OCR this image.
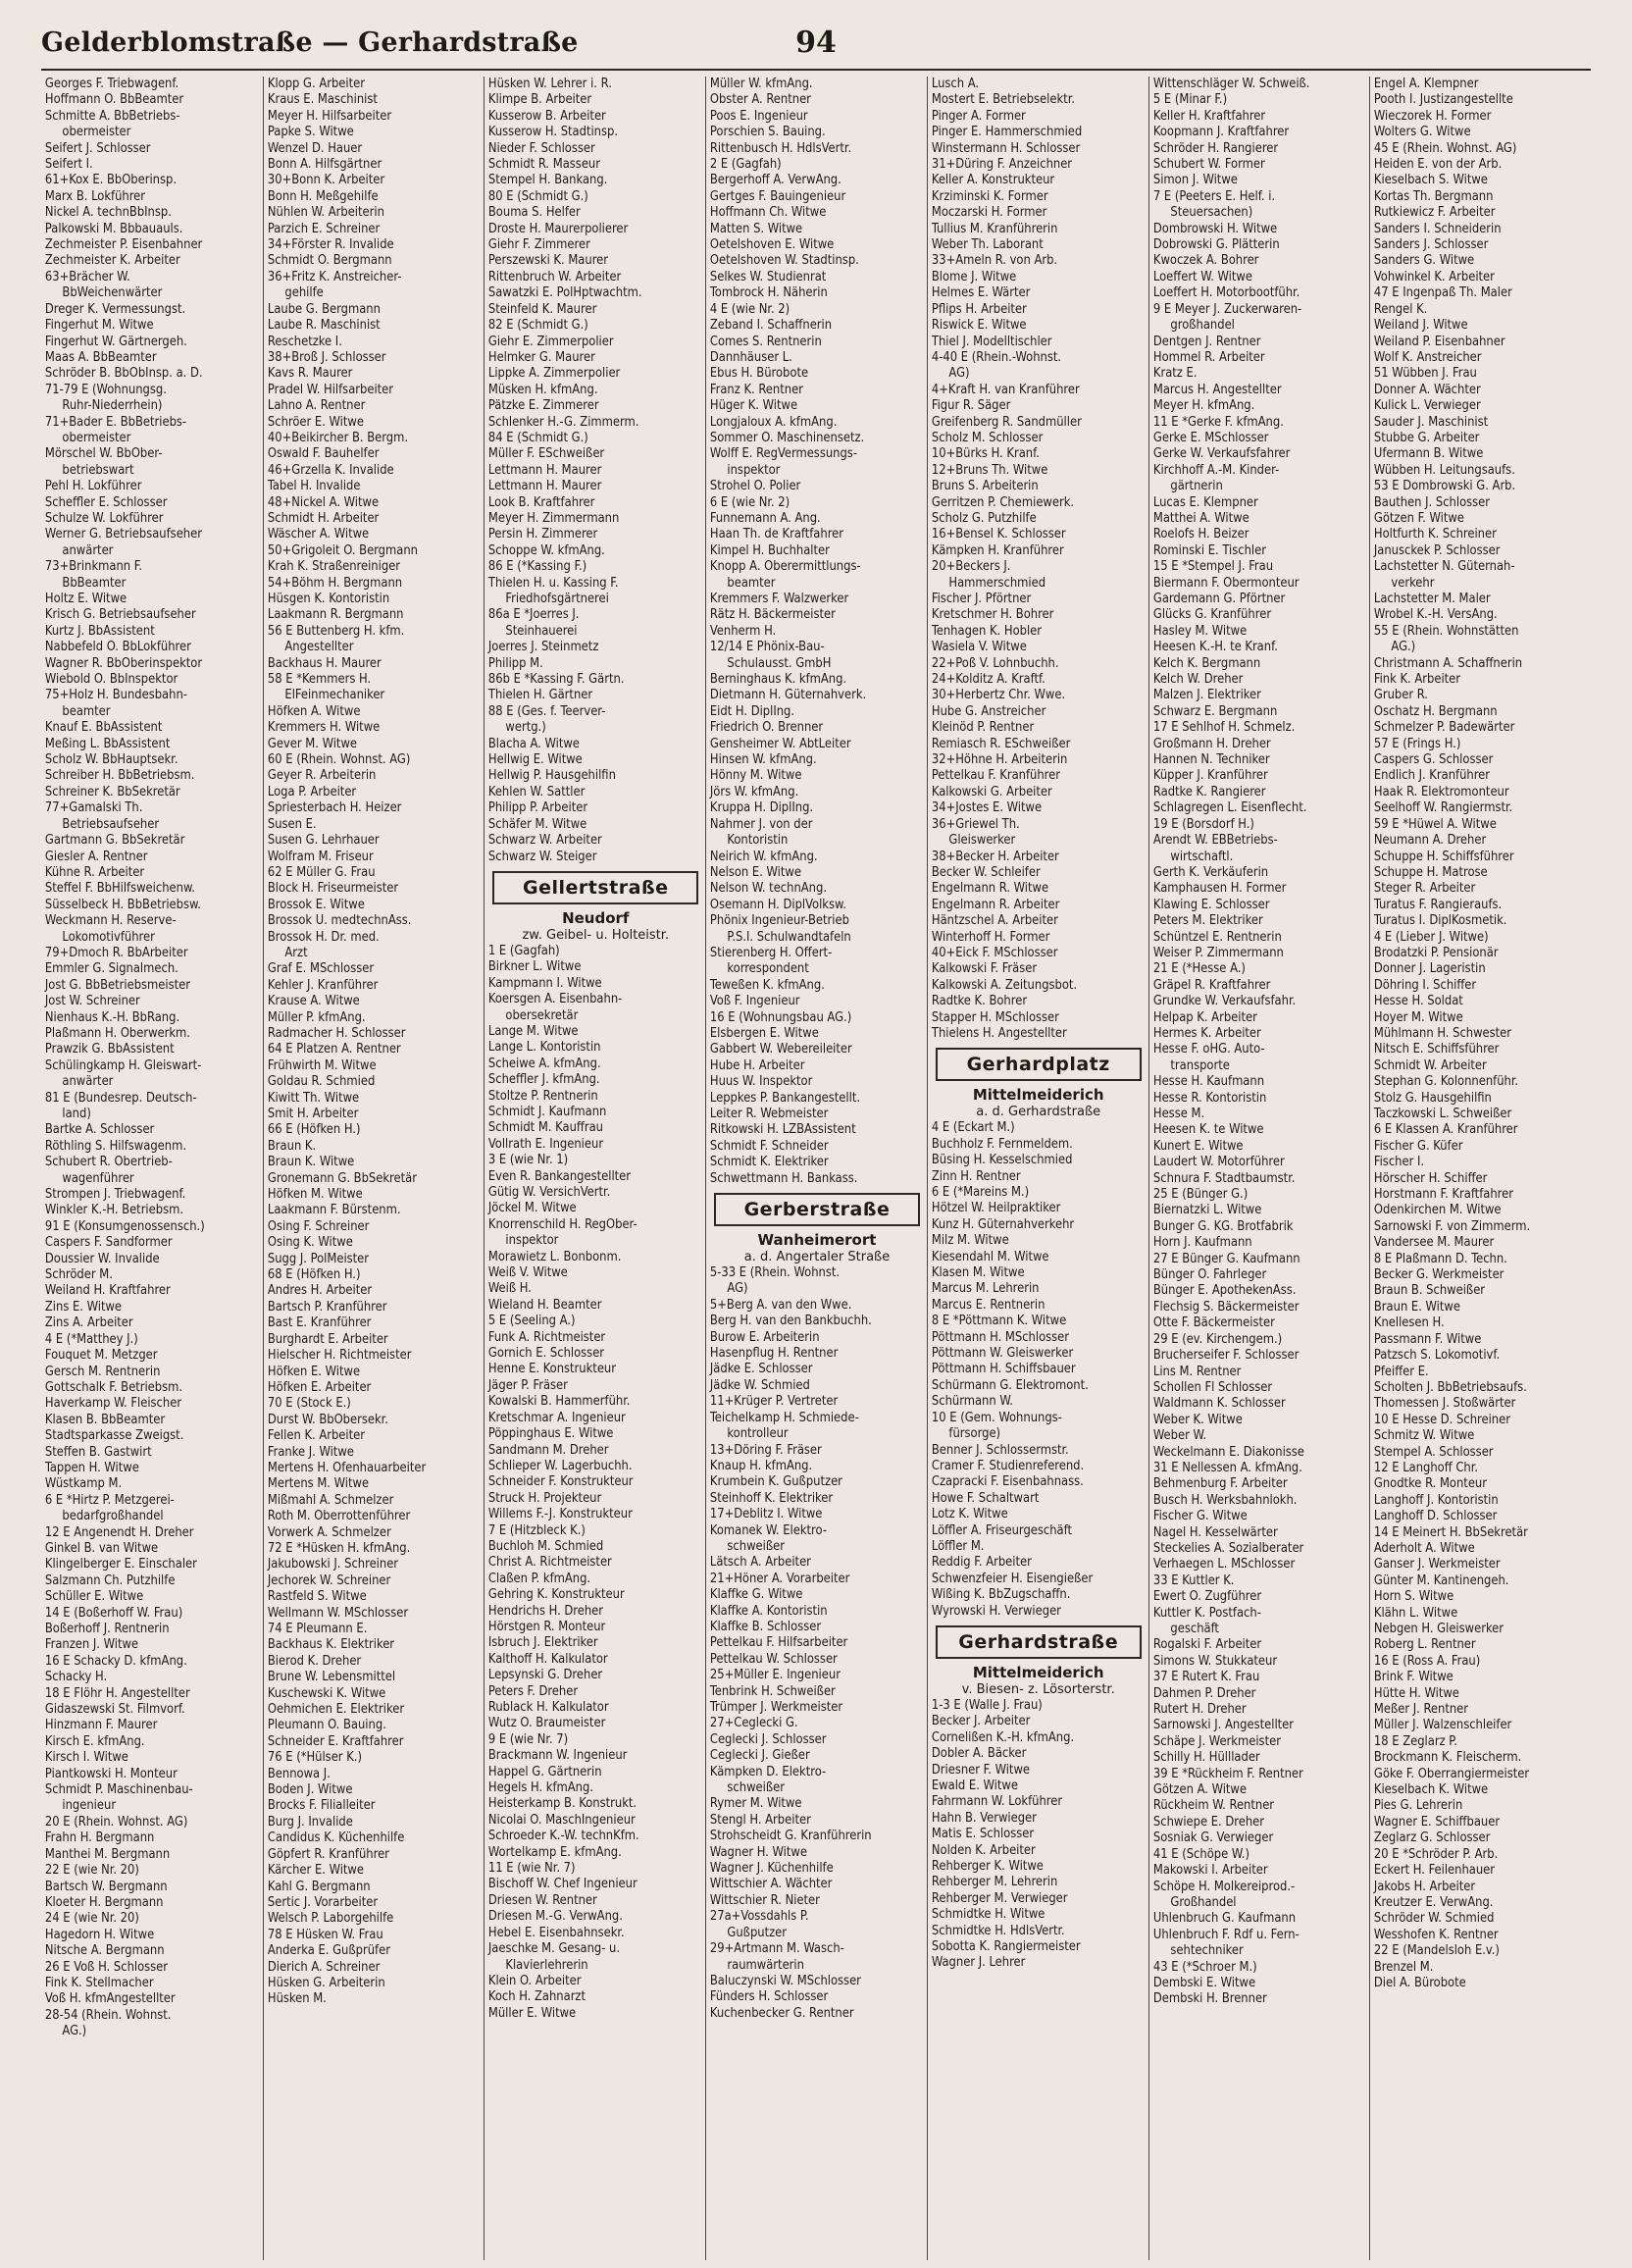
Gelderblomstraße — Gerhardstraße	94
Georges F. Triebwagenf.
Hoffmann O. BbBeamter
Schmitte A. BbBetriebs-
obermeister
Seifert J. Schlosser
Seifert I.
61+Kox E. BbOberinsp.
Marx B. Lokführer
Nickel A. technBbInsp.
Palkowski M. Bbbauauls.
Zechmeister P. Eisenbahner
Zechmeister K. Arbeiter
63+Brächer W.
BbWeichenwärter
Dreger K. Vermessungst.
Fingerhut M. Witwe
Fingerhut W. Gärtnergeh.
Maas A. BbBeamter
Schröder B. BbObInsp. a. D.
71-79 E (Wohnungsg.
Ruhr-Niederrhein)
71+Bader E. BbBetriebs-
obermeister
Mörschel W. BbOber-
betriebswart
Pehl H. Lokführer
Scheffler E. Schlosser
Schulze W. Lokführer
Werner G. Betriebsaufseher
anwärter
73+Brinkmann F.
BbBeamter
Holtz E. Witwe
Krisch G. Betriebsaufseher
Kurtz J. BbAssistent
Nabbefeld O. BbLokführer
Wagner R. BbOberinspektor
Wiebold O. BbInspektor
75+Holz H. Bundesbahn-
beamter
Knauf E. BbAssistent
Meßing L. BbAssistent
Scholz W. BbHauptsekr.
Schreiber H. BbBetriebsm.
Schreiner K. BbSekretär
77+Gamalski Th.
Betriebsaufseher
Gartmann G. BbSekretär
Giesler A. Rentner
Kühne R. Arbeiter
Steffel F. BbHilfsweichenw.
Süsselbeck H. BbBetriebsw.
Weckmann H. Reserve-
Lokomotivführer
79+Dmoch R. BbArbeiter
Emmler G. Signalmech.
Jost G. BbBetriebsmeister
Jost W. Schreiner
Nienhaus K.-H. BbRang.
Plaßmann H. Oberwerkm.
Prawzik G. BbAssistent
Schülingkamp H. Gleiswart-
anwärter
81 E (Bundesrep. Deutsch-
land)
Bartke A. Schlosser
Röthling S. Hilfswagenm.
Schubert R. Obertrieb-
wagenführer
Strompen J. Triebwagenf.
Winkler K.-H. Betriebsm.
91 E (Konsumgenossensch.)
Caspers F. Sandformer
Doussier W. Invalide
Schröder M.
Weiland H. Kraftfahrer
Zins E. Witwe
Zins A. Arbeiter
4 E (*Matthey J.)
Fouquet M. Metzger
Gersch M. Rentnerin
Gottschalk F. Betriebsm.
Haverkamp W. Fleischer
Klasen B. BbBeamter
Stadtsparkasse Zweigst.
Steffen B. Gastwirt
Tappen H. Witwe
Wüstkamp M.
6 E *Hirtz P. Metzgerei-
bedarfgroßhandel
12 E Angenendt H. Dreher
Ginkel B. van Witwe
Klingelberger E. Einschaler
Salzmann Ch. Putzhilfe
Schüller E. Witwe
14 E (Boßerhoff W. Frau)
Boßerhoff J. Rentnerin
Franzen J. Witwe
16 E Schacky D. kfmAng.
Schacky H.
18 E Flöhr H. Angestellter
Gidaszewski St. Filmvorf.
Hinzmann F. Maurer
Kirsch E. kfmAng.
Kirsch I. Witwe
Piantkowski H. Monteur
Schmidt P. Maschinenbau-
ingenieur
20 E (Rhein. Wohnst. AG)
Frahn H. Bergmann
Manthei M. Bergmann
22 E (wie Nr. 20)
Bartsch W. Bergmann
Kloeter H. Bergmann
24 E (wie Nr. 20)
Hagedorn H. Witwe
Nitsche A. Bergmann
26 E Voß H. Schlosser
Fink K. Stellmacher
Voß H. kfmAngestellter
28-54 (Rhein. Wohnst.
AG.)
Klopp G. Arbeiter
Kraus E. Maschinist
Meyer H. Hilfsarbeiter
Papke S. Witwe
Wenzel D. Hauer
Bonn A. Hilfsgärtner
30+Bonn K. Arbeiter
Bonn H. Meßgehilfe
Nühlen W. Arbeiterin
Parzich E. Schreiner
34+Förster R. Invalide
Schmidt O. Bergmann
36+Fritz K. Anstreicher-
gehilfe
Laube G. Bergmann
Laube R. Maschinist
Reschetzke I.
38+Broß J. Schlosser
Kavs R. Maurer
Pradel W. Hilfsarbeiter
Lahno A. Rentner
Schröer E. Witwe
40+Beikircher B. Bergm.
Oswald F. Bauhelfer
46+Grzella K. Invalide
Tabel H. Invalide
48+Nickel A. Witwe
Schmidt H. Arbeiter
Wäscher A. Witwe
50+Grigoleit O. Bergmann
Krah K. Straßenreiniger
54+Böhm H. Bergmann
Hüsgen K. Kontoristin
Laakmann R. Bergmann
56 E Buttenberg H. kfm.
Angestellter
Backhaus H. Maurer
58 E *Kemmers H.
ElFeinmechaniker
Höfken A. Witwe
Kremmers H. Witwe
Gever M. Witwe
60 E (Rhein. Wohnst. AG)
Geyer R. Arbeiterin
Loga P. Arbeiter
Spriesterbach H. Heizer
Susen E.
Susen G. Lehrhauer
Wolfram M. Friseur
62 E Müller G. Frau
Block H. Friseurmeister
Brossok E. Witwe
Brossok U. medtechnAss.
Brossok H. Dr. med.
Arzt
Graf E. MSchlosser
Kehler J. Kranführer
Krause A. Witwe
Müller P. kfmAng.
Radmacher H. Schlosser
64 E Platzen A. Rentner
Frühwirth M. Witwe
Goldau R. Schmied
Kiwitt Th. Witwe
Smit H. Arbeiter
66 E (Höfken H.)
Braun K.
Braun K. Witwe
Gronemann G. BbSekretär
Höfken M. Witwe
Laakmann F. Bürstenm.
Osing F. Schreiner
Osing K. Witwe
Sugg J. PolMeister
68 E (Höfken H.)
Andres H. Arbeiter
Bartsch P. Kranführer
Bast E. Kranführer
Burghardt E. Arbeiter
Hielscher H. Richtmeister
Höfken E. Witwe
Höfken E. Arbeiter
70 E (Stock E.)
Durst W. BbObersekr.
Fellen K. Arbeiter
Franke J. Witwe
Mertens H. Ofenhauarbeiter
Mertens M. Witwe
Mißmahl A. Schmelzer
Roth M. Oberrottenführer
Vorwerk A. Schmelzer
72 E *Hüsken H. kfmAng.
Jakubowski J. Schreiner
Jechorek W. Schreiner
Rastfeld S. Witwe
Wellmann W. MSchlosser
74 E Pleumann E.
Backhaus K. Elektriker
Bierod K. Dreher
Brune W. Lebensmittel
Kuschewski K. Witwe
Oehmichen E. Elektriker
Pleumann O. Bauing.
Schneider E. Kraftfahrer
76 E (*Hülser K.)
Bennowa J.
Boden J. Witwe
Brocks F. Filialleiter
Burg J. Invalide
Candidus K. Küchenhilfe
Göpfert R. Kranführer
Kärcher E. Witwe
Kahl G. Bergmann
Sertic J. Vorarbeiter
Welsch P. Laborgehilfe
78 E Hüsken W. Frau
Anderka E. Gußprüfer
Dierich A. Schreiner
Hüsken G. Arbeiterin
Hüsken M.
Hüsken W. Lehrer i. R.
Klimpe B. Arbeiter
Kusserow B. Arbeiter
Kusserow H. Stadtinsp.
Nieder F. Schlosser
Schmidt R. Masseur
Stempel H. Bankang.
80 E (Schmidt G.)
Bouma S. Helfer
Droste H. Maurerpolierer
Giehr F. Zimmerer
Perszewski K. Maurer
Rittenbruch W. Arbeiter
Sawatzki E. PolHptwachtm.
Steinfeld K. Maurer
82 E (Schmidt G.)
Giehr E. Zimmerpolier
Helmker G. Maurer
Lippke A. Zimmerpolier
Müsken H. kfmAng.
Pätzke E. Zimmerer
Schlenker H.-G. Zimmerm.
84 E (Schmidt G.)
Müller F. ESchweißer
Lettmann H. Maurer
Lettmann H. Maurer
Look B. Kraftfahrer
Meyer H. Zimmermann
Persin H. Zimmerer
Schoppe W. kfmAng.
86 E (*Kassing F.)
Thielen H. u. Kassing F.
Friedhofsgärtnerei
86a E *Joerres J.
Steinhauerei
Joerres J. Steinmetz
Philipp M.
86b E *Kassing F. Gärtn.
Thielen H. Gärtner
88 E (Ges. f. Teerver-
wertg.)
Blacha A. Witwe
Hellwig E. Witwe
Hellwig P. Hausgehilfin
Kehlen W. Sattler
Philipp P. Arbeiter
Schäfer M. Witwe
Schwarz W. Arbeiter
Schwarz W. Steiger
Gellertstraße
Neudorf
zw. Geibel- u. Holteistr.
1 E (Gagfah)
Birkner L. Witwe
Kampmann I. Witwe
Koersgen A. Eisenbahn-
obersekretär
Lange M. Witwe
Lange L. Kontoristin
Scheiwe A. kfmAng.
Scheffler J. kfmAng.
Stoltze P. Rentnerin
Schmidt J. Kaufmann
Schmidt M. Kauffrau
Vollrath E. Ingenieur
3 E (wie Nr. 1)
Even R. Bankangestellter
Gütig W. VersichVertr.
Jöckel M. Witwe
Knorrenschild H. RegOber-
inspektor
Morawietz L. Bonbonm.
Weiß V. Witwe
Weiß H.
Wieland H. Beamter
5 E (Seeling A.)
Funk A. Richtmeister
Gornich E. Schlosser
Henne E. Konstrukteur
Jäger P. Fräser
Kowalski B. Hammerführ.
Kretschmar A. Ingenieur
Pöppinghaus E. Witwe
Sandmann M. Dreher
Schlieper W. Lagerbuchh.
Schneider F. Konstrukteur
Struck H. Projekteur
Willems F.-J. Konstrukteur
7 E (Hitzbleck K.)
Buchloh M. Schmied
Christ A. Richtmeister
Claßen P. kfmAng.
Gehring K. Konstrukteur
Hendrichs H. Dreher
Hörstgen R. Monteur
Isbruch J. Elektriker
Kalthoff H. Kalkulator
Lepsynski G. Dreher
Peters F. Dreher
Rublack H. Kalkulator
Wutz O. Braumeister
9 E (wie Nr. 7)
Brackmann W. Ingenieur
Happel G. Gärtnerin
Hegels H. kfmAng.
Heisterkamp B. Konstrukt.
Nicolai O. MaschIngenieur
Schroeder K.-W. technKfm.
Wortelkamp E. kfmAng.
11 E (wie Nr. 7)
Bischoff W. Chef Ingenieur
Driesen W. Rentner
Driesen M.-G. VerwAng.
Hebel E. Eisenbahnsekr.
Jaeschke M. Gesang- u.
Klavierlehrerin
Klein O. Arbeiter
Koch H. Zahnarzt
Müller E. Witwe
Müller W. kfmAng.
Obster A. Rentner
Poos E. Ingenieur
Porschien S. Bauing.
Rittenbusch H. HdlsVertr.
2 E (Gagfah)
Bergerhoff A. VerwAng.
Gertges F. Bauingenieur
Hoffmann Ch. Witwe
Matten S. Witwe
Oetelshoven E. Witwe
Oetelshoven W. Stadtinsp.
Selkes W. Studienrat
Tombrock H. Näherin
4 E (wie Nr. 2)
Zeband I. Schaffnerin
Comes S. Rentnerin
Dannhäuser L.
Ebus H. Bürobote
Franz K. Rentner
Hüger K. Witwe
Longjaloux A. kfmAng.
Sommer O. Maschinensetz.
Wolff E. RegVermessungs-
inspektor
Strohel O. Polier
6 E (wie Nr. 2)
Funnemann A. Ang.
Haan Th. de Kraftfahrer
Kimpel H. Buchhalter
Knopp A. Oberermittlungs-
beamter
Kremmers F. Walzwerker
Rätz H. Bäckermeister
Venherm H.
12/14 E Phönix-Bau-
Schulausst. GmbH
Berninghaus K. kfmAng.
Dietmann H. Güternahverk.
Eidt H. DiplIng.
Friedrich O. Brenner
Gensheimer W. AbtLeiter
Hinsen W. kfmAng.
Hönny M. Witwe
Jörs W. kfmAng.
Kruppa H. DiplIng.
Nahmer J. von der
Kontoristin
Neirich W. kfmAng.
Nelson E. Witwe
Nelson W. technAng.
Osemann H. DiplVolksw.
Phönix Ingenieur-Betrieb
P.S.I. Schulwandtafeln
Stierenberg H. Offert-
korrespondent
Teweßen K. kfmAng.
Voß F. Ingenieur
16 E (Wohnungsbau AG.)
Elsbergen E. Witwe
Gabbert W. Webereileiter
Hube H. Arbeiter
Huus W. Inspektor
Leppkes P. Bankangestellt.
Leiter R. Webmeister
Ritkowski H. LZBAssistent
Schmidt F. Schneider
Schmidt K. Elektriker
Schwettmann H. Bankass.
Gerberstraße
Wanheimerort
a. d. Angertaler Straße
5-33 E (Rhein. Wohnst.
AG)
5+Berg A. van den Wwe.
Berg H. van den Bankbuchh.
Burow E. Arbeiterin
Hasenpflug H. Rentner
Jädke E. Schlosser
Jädke W. Schmied
11+Krüger P. Vertreter
Teichelkamp H. Schmiede-
kontrolleur
13+Döring F. Fräser
Knaup H. kfmAng.
Krumbein K. Gußputzer
Steinhoff K. Elektriker
17+Deblitz I. Witwe
Komanek W. Elektro-
schweißer
Lätsch A. Arbeiter
21+Höner A. Vorarbeiter
Klaffke G. Witwe
Klaffke A. Kontoristin
Klaffke B. Schlosser
Pettelkau F. Hilfsarbeiter
Pettelkau W. Schlosser
25+Müller E. Ingenieur
Tenbrink H. Schweißer
Trümper J. Werkmeister
27+Ceglecki G.
Ceglecki J. Schlosser
Ceglecki J. Gießer
Kämpken D. Elektro-
schweißer
Rymer M. Witwe
Stengl H. Arbeiter
Strohscheidt G. Kranführerin
Wagner H. Witwe
Wagner J. Küchenhilfe
Wittschier A. Wächter
Wittschier R. Nieter
27a+Vossdahls P.
Gußputzer
29+Artmann M. Wasch-
raumwärterin
Baluczynski W. MSchlosser
Fünders H. Schlosser
Kuchenbecker G. Rentner
Lusch A.
Mostert E. Betriebselektr.
Pinger A. Former
Pinger E. Hammerschmied
Winstermann H. Schlosser
31+Düring F. Anzeichner
Keller A. Konstrukteur
Krziminski K. Former
Moczarski H. Former
Tullius M. Kranführerin
Weber Th. Laborant
33+Ameln R. von Arb.
Blome J. Witwe
Helmes E. Wärter
Pflips H. Arbeiter
Riswick E. Witwe
Thiel J. Modelltischler
4-40 E (Rhein.-Wohnst.
AG)
4+Kraft H. van Kranführer
Figur R. Säger
Greifenberg R. Sandmüller
Scholz M. Schlosser
10+Bürks H. Kranf.
12+Bruns Th. Witwe
Bruns S. Arbeiterin
Gerritzen P. Chemiewerk.
Scholz G. Putzhilfe
16+Bensel K. Schlosser
Kämpken H. Kranführer
20+Beckers J.
Hammerschmied
Fischer J. Pförtner
Kretschmer H. Bohrer
Tenhagen K. Hobler
Wasiela V. Witwe
22+Poß V. Lohnbuchh.
24+Kolditz A. Kraftf.
30+Herbertz Chr. Wwe.
Hube G. Anstreicher
Kleinöd P. Rentner
Remiasch R. ESchweißer
32+Höhne H. Arbeiterin
Pettelkau F. Kranführer
Kalkowski G. Arbeiter
34+Jostes E. Witwe
36+Griewel Th.
Gleiswerker
38+Becker H. Arbeiter
Becker W. Schleifer
Engelmann R. Witwe
Engelmann R. Arbeiter
Häntzschel A. Arbeiter
Winterhoff H. Former
40+Eick F. MSchlosser
Kalkowski F. Fräser
Kalkowski A. Zeitungsbot.
Radtke K. Bohrer
Stapper H. MSchlosser
Thielens H. Angestellter
Gerhardplatz
Mittelmeiderich
a. d. Gerhardstraße
4 E (Eckart M.)
Buchholz F. Fernmeldem.
Büsing H. Kesselschmied
Zinn H. Rentner
6 E (*Mareins M.)
Hötzel W. Heilpraktiker
Kunz H. Güternahverkehr
Milz M. Witwe
Kiesendahl M. Witwe
Klasen M. Witwe
Marcus M. Lehrerin
Marcus E. Rentnerin
8 E *Pöttmann K. Witwe
Pöttmann H. MSchlosser
Pöttmann W. Gleiswerker
Pöttmann H. Schiffsbauer
Schürmann G. Elektromont.
Schürmann W.
10 E (Gem. Wohnungs-
fürsorge)
Benner J. Schlossermstr.
Cramer F. Studienreferend.
Czapracki F. Eisenbahnass.
Howe F. Schaltwart
Lotz K. Witwe
Löffler A. Friseurgeschäft
Löffler M.
Reddig F. Arbeiter
Schwenzfeier H. Eisengießer
Wißing K. BbZugschaffn.
Wyrowski H. Verwieger
Gerhardstraße
Mittelmeiderich
v. Biesen- z. Lösorterstr.
1-3 E (Walle J. Frau)
Becker J. Arbeiter
Cornelißen K.-H. kfmAng.
Dobler A. Bäcker
Driesner F. Witwe
Ewald E. Witwe
Fahrmann W. Lokführer
Hahn B. Verwieger
Matis E. Schlosser
Nolden K. Arbeiter
Rehberger K. Witwe
Rehberger M. Lehrerin
Rehberger M. Verwieger
Schmidtke H. Witwe
Schmidtke H. HdlsVertr.
Sobotta K. Rangiermeister
Wagner J. Lehrer
Wittenschläger W. Schweiß.
5 E (Minar F.)
Keller H. Kraftfahrer
Koopmann J. Kraftfahrer
Schröder H. Rangierer
Schubert W. Former
Simon J. Witwe
7 E (Peeters E. Helf. i.
Steuersachen)
Dombrowski H. Witwe
Dobrowski G. Plätterin
Kwoczek A. Bohrer
Loeffert W. Witwe
Loeffert H. Motorbootführ.
9 E Meyer J. Zuckerwaren-
großhandel
Dentgen J. Rentner
Hommel R. Arbeiter
Kratz E.
Marcus H. Angestellter
Meyer H. kfmAng.
11 E *Gerke F. kfmAng.
Gerke E. MSchlosser
Gerke W. Verkaufsfahrer
Kirchhoff A.-M. Kinder-
gärtnerin
Lucas E. Klempner
Matthei A. Witwe
Roelofs H. Beizer
Rominski E. Tischler
15 E *Stempel J. Frau
Biermann F. Obermonteur
Gardemann G. Pförtner
Glücks G. Kranführer
Hasley M. Witwe
Heesen K.-H. te Kranf.
Kelch K. Bergmann
Kelch W. Dreher
Malzen J. Elektriker
Schwarz E. Bergmann
17 E Sehlhof H. Schmelz.
Großmann H. Dreher
Hannen N. Techniker
Küpper J. Kranführer
Radtke K. Rangierer
Schlagregen L. Eisenflecht.
19 E (Borsdorf H.)
Arendt W. EBBetriebs-
wirtschaftl.
Gerth K. Verkäuferin
Kamphausen H. Former
Klawing E. Schlosser
Peters M. Elektriker
Schüntzel E. Rentnerin
Weiser P. Zimmermann
21 E (*Hesse A.)
Gräpel R. Kraftfahrer
Grundke W. Verkaufsfahr.
Helpap K. Arbeiter
Hermes K. Arbeiter
Hesse F. oHG. Auto-
transporte
Hesse H. Kaufmann
Hesse R. Kontoristin
Hesse M.
Heesen K. te Witwe
Kunert E. Witwe
Laudert W. Motorführer
Schnura F. Stadtbaumstr.
25 E (Bünger G.)
Biernatzki L. Witwe
Bunger G. KG. Brotfabrik
Horn J. Kaufmann
27 E Bünger G. Kaufmann
Bünger O. Fahrleger
Bünger E. ApothekenAss.
Flechsig S. Bäckermeister
Otte F. Bäckermeister
29 E (ev. Kirchengem.)
Brucherseifer F. Schlosser
Lins M. Rentner
Schollen Fl Schlosser
Waldmann K. Schlosser
Weber K. Witwe
Weber W.
Weckelmann E. Diakonisse
31 E Nellessen A. kfmAng.
Behmenburg F. Arbeiter
Busch H. Werksbahnlokh.
Fischer G. Witwe
Nagel H. Kesselwärter
Steckelies A. Sozialberater
Verhaegen L. MSchlosser
33 E Kuttler K.
Ewert O. Zugführer
Kuttler K. Postfach-
geschäft
Rogalski F. Arbeiter
Simons W. Stukkateur
37 E Rutert K. Frau
Dahmen P. Dreher
Rutert H. Dreher
Sarnowski J. Angestellter
Schäpe J. Werkmeister
Schilly H. Hülllader
39 E *Rückheim F. Rentner
Götzen A. Witwe
Rückheim W. Rentner
Schwiepe E. Dreher
Sosniak G. Verwieger
41 E (Schöpe W.)
Makowski I. Arbeiter
Schöpe H. Molkereiprod.-
Großhandel
Uhlenbruch G. Kaufmann
Uhlenbruch F. Rdf u. Fern-
sehtechniker
43 E (*Schroer M.)
Dembski E. Witwe
Dembski H. Brenner
Engel A. Klempner
Pooth I. Justizangestellte
Wieczorek H. Former
Wolters G. Witwe
45 E (Rhein. Wohnst. AG)
Heiden E. von der Arb.
Kieselbach S. Witwe
Kortas Th. Bergmann
Rutkiewicz F. Arbeiter
Sanders I. Schneiderin
Sanders J. Schlosser
Sanders G. Witwe
Vohwinkel K. Arbeiter
47 E Ingenpaß Th. Maler
Rengel K.
Weiland J. Witwe
Weiland P. Eisenbahner
Wolf K. Anstreicher
51 Wübben J. Frau
Donner A. Wächter
Kulick L. Verwieger
Sauder J. Maschinist
Stubbe G. Arbeiter
Ufermann B. Witwe
Wübben H. Leitungsaufs.
53 E Dombrowski G. Arb.
Bauthen J. Schlosser
Götzen F. Witwe
Holtfurth K. Schreiner
Janusckek P. Schlosser
Lachstetter N. Güternah-
verkehr
Lachstetter M. Maler
Wrobel K.-H. VersAng.
55 E (Rhein. Wohnstätten
AG.)
Christmann A. Schaffnerin
Fink K. Arbeiter
Gruber R.
Oschatz H. Bergmann
Schmelzer P. Badewärter
57 E (Frings H.)
Caspers G. Schlosser
Endlich J. Kranführer
Haak R. Elektromonteur
Seelhoff W. Rangiermstr.
59 E *Hüwel A. Witwe
Neumann A. Dreher
Schuppe H. Schiffsführer
Schuppe H. Matrose
Steger R. Arbeiter
Turatus F. Rangieraufs.
Turatus I. DiplKosmetik.
4 E (Lieber J. Witwe)
Brodatzki P. Pensionär
Donner J. Lageristin
Döhring I. Schiffer
Hesse H. Soldat
Hoyer M. Witwe
Mühlmann H. Schwester
Nitsch E. Schiffsführer
Schmidt W. Arbeiter
Stephan G. Kolonnenführ.
Stolz G. Hausgehilfin
Taczkowski L. Schweißer
6 E Klassen A. Kranführer
Fischer G. Küfer
Fischer I.
Hörscher H. Schiffer
Horstmann F. Kraftfahrer
Odenkirchen M. Witwe
Sarnowski F. von Zimmerm.
Vandersee M. Maurer
8 E Plaßmann D. Techn.
Becker G. Werkmeister
Braun B. Schweißer
Braun E. Witwe
Knellesen H.
Passmann F. Witwe
Patzsch S. Lokomotivf.
Pfeiffer E.
Scholten J. BbBetriebsaufs.
Thomessen J. Stoßwärter
10 E Hesse D. Schreiner
Schmitz W. Witwe
Stempel A. Schlosser
12 E Langhoff Chr.
Gnodtke R. Monteur
Langhoff J. Kontoristin
Langhoff D. Schlosser
14 E Meinert H. BbSekretär
Aderholt A. Witwe
Ganser J. Werkmeister
Günter M. Kantinengeh.
Horn S. Witwe
Klähn L. Witwe
Nebgen H. Gleiswerker
Roberg L. Rentner
16 E (Ross A. Frau)
Brink F. Witwe
Hütte H. Witwe
Meßer J. Rentner
Müller J. Walzenschleifer
18 E Zeglarz P.
Brockmann K. Fleischerm.
Göke F. Oberrangiermeister
Kieselbach K. Witwe
Pies G. Lehrerin
Wagner E. Schiffbauer
Zeglarz G. Schlosser
20 E *Schröder P. Arb.
Eckert H. Feilenhauer
Jakobs H. Arbeiter
Kreutzer E. VerwAng.
Schröder W. Schmied
Wesshofen K. Rentner
22 E (Mandelsloh E.v.)
Brenzel M.
Diel A. Bürobote
